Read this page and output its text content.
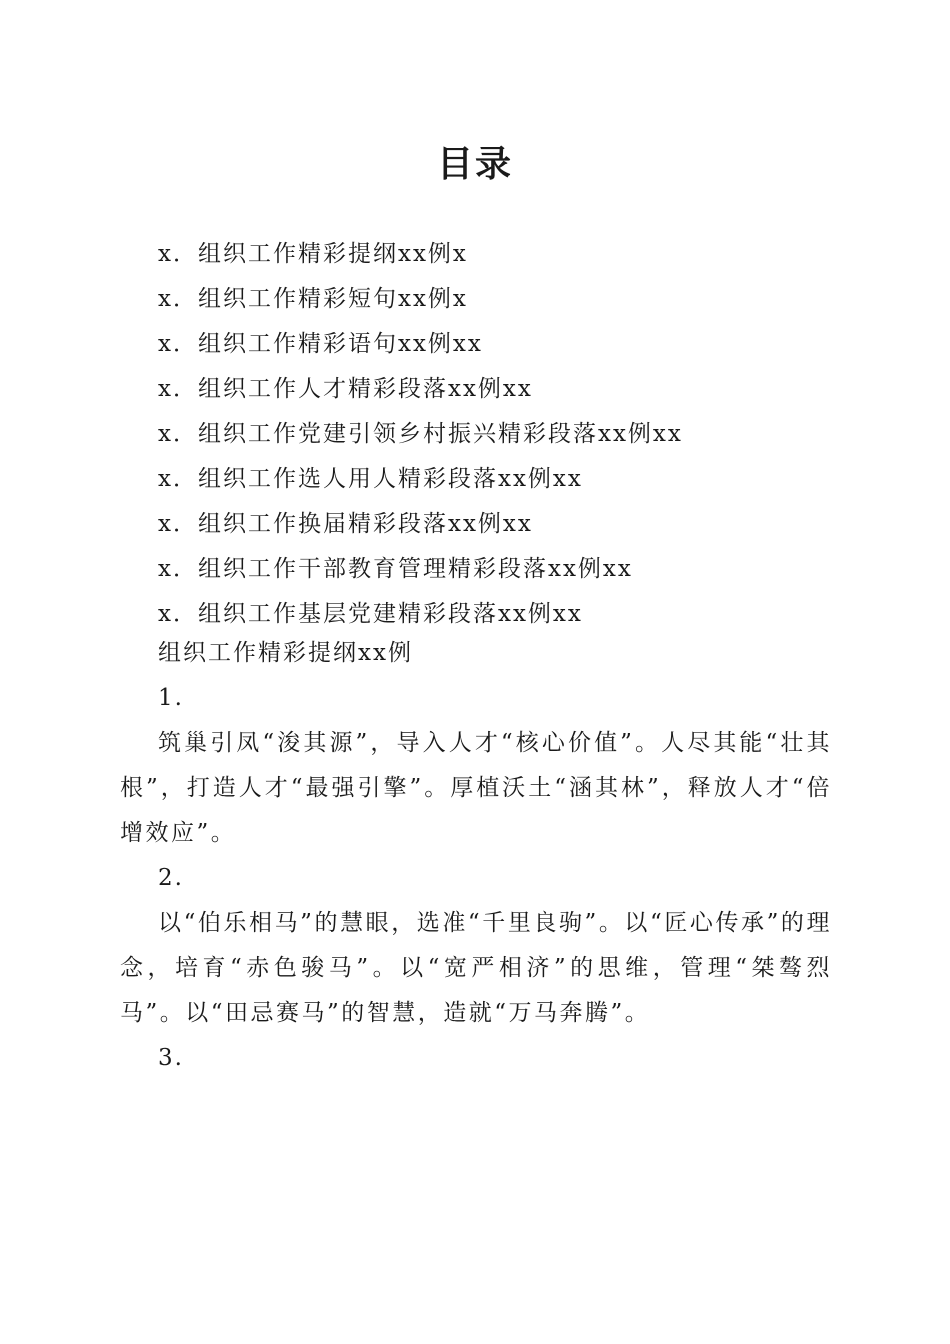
目录
x．组织工作精彩提纲xx例x
x．组织工作精彩短句xx例x
x．组织工作精彩语句xx例xx
x．组织工作人才精彩段落xx例xx
x．组织工作党建引领乡村振兴精彩段落xx例xx
x．组织工作选人用人精彩段落xx例xx
x．组织工作换届精彩段落xx例xx
x．组织工作干部教育管理精彩段落xx例xx
x．组织工作基层党建精彩段落xx例xx
组织工作精彩提纲xx例
1.

筑巢引凤“浚其源”，导入人才“核心价值”。人尽其能“壮其根”，打造人才“最强引擎”。厚植沃土“涵其林”，释放人才“倍增效应”。

2.

以“伯乐相马”的慧眼，选准“千里良驹”。以“匠心传承”的理念，培育“赤色骏马”。以“宽严相济”的思维，管理“桀骜烈马”。以“田忌赛马”的智慧，造就“万马奔腾”。

3.
